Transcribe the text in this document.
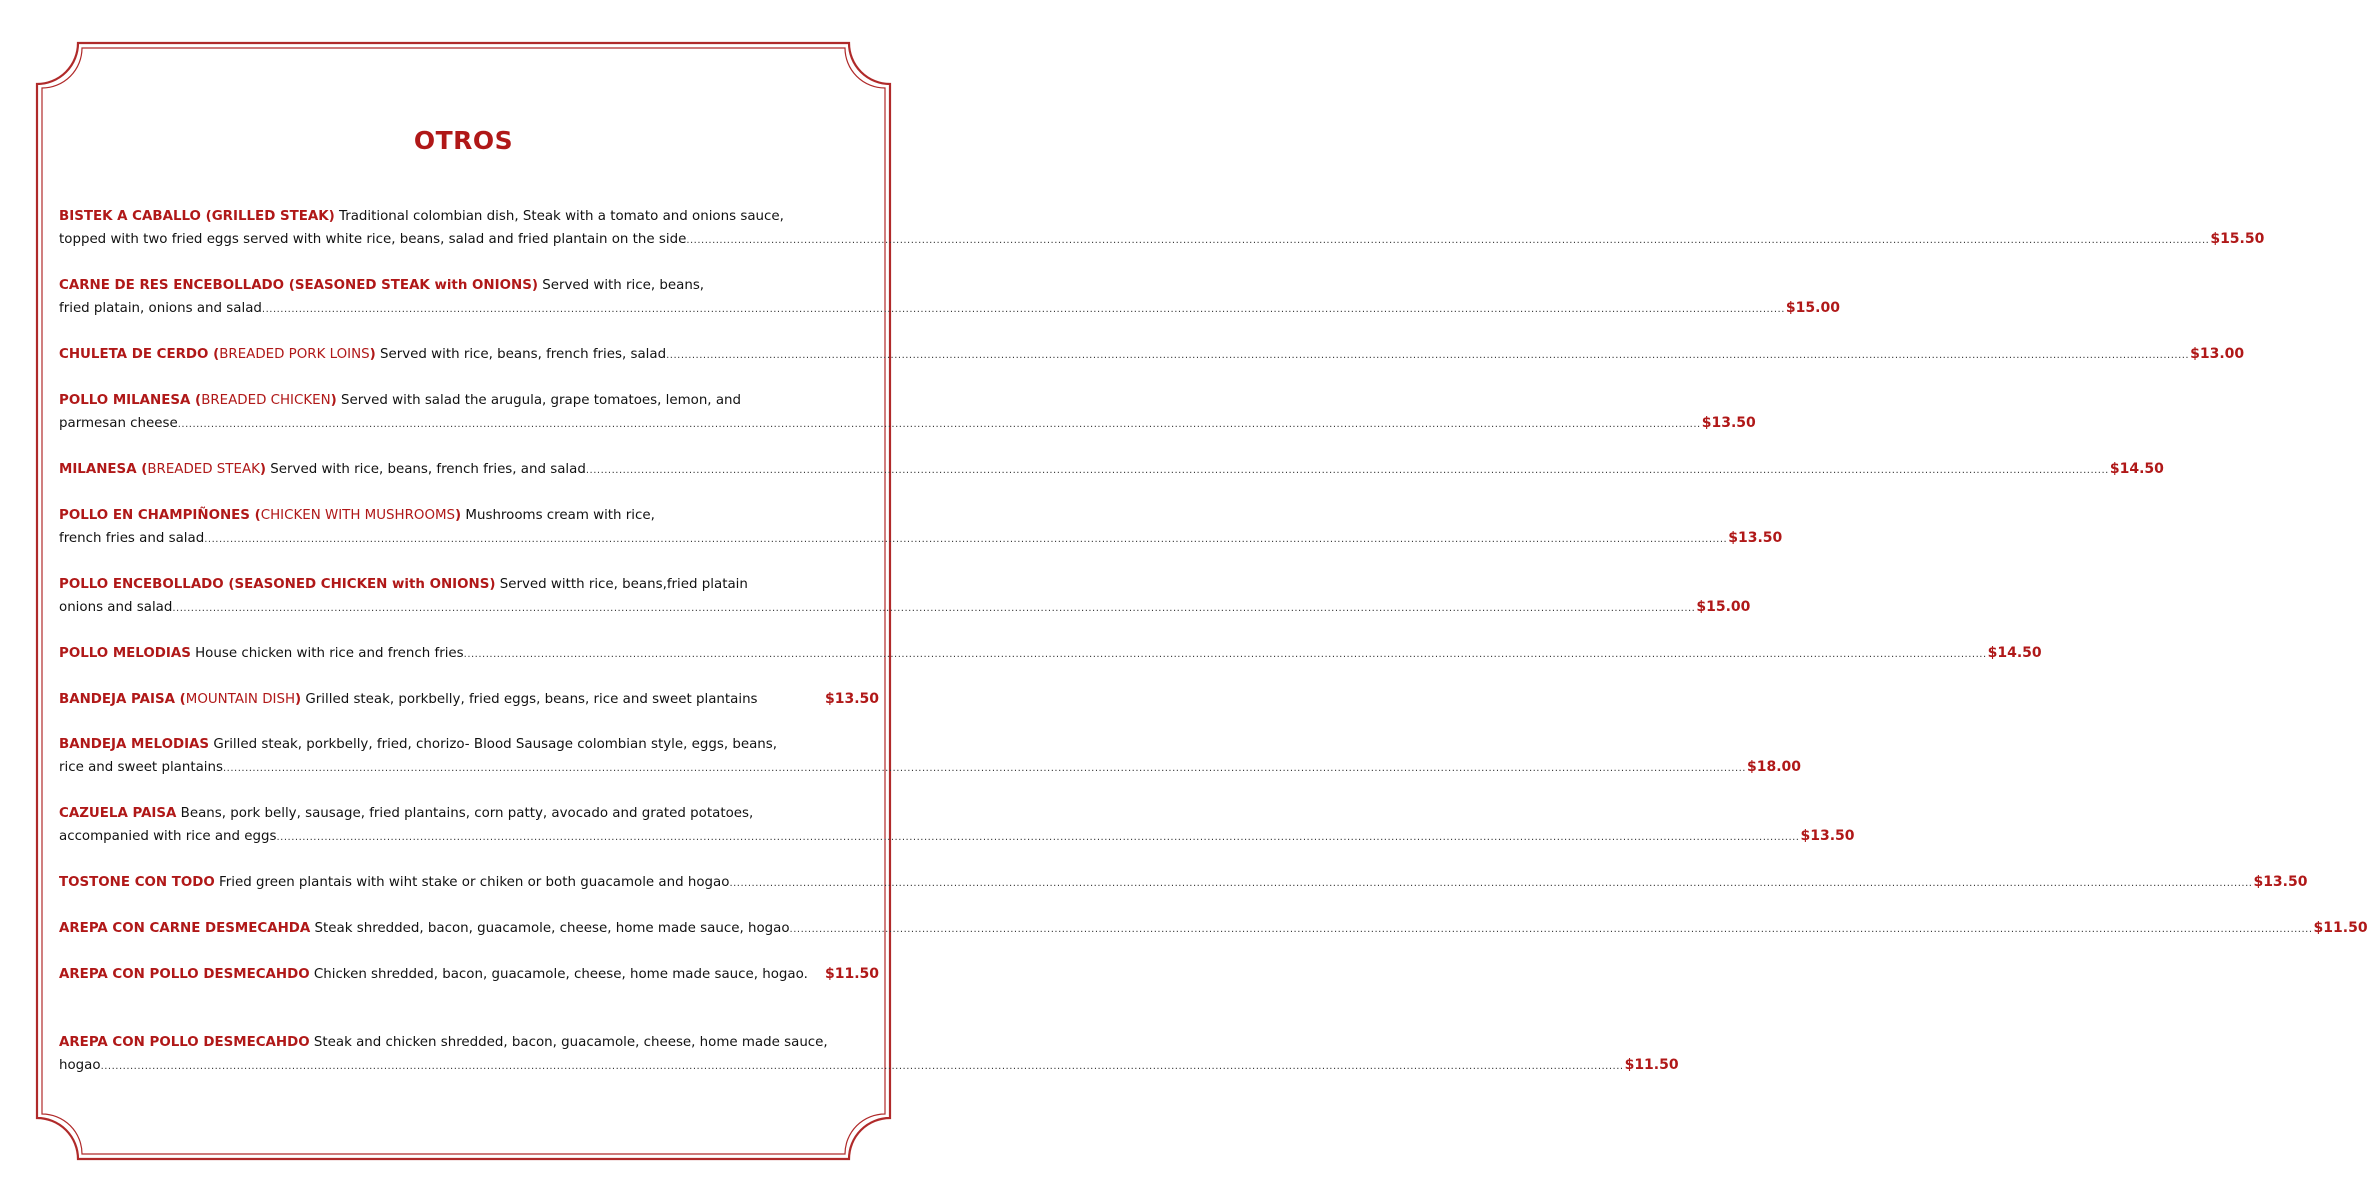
OTROS
BISTEK A CABALLO (GRILLED STEAK) Traditional colombian dish, Steak with a tomato and onions sauce,
topped with two fried eggs served with white rice, beans, salad and fried plantain on the side .............................................................................................................................................................................................................................................................................................................................................................................................................................. $15.50
CARNE DE RES ENCEBOLLADO (SEASONED STEAK with ONIONS) Served with rice, beans,
fried platain, onions and salad .............................................................................................................................................................................................................................................................................................................................................................................................................................. $15.00
CHULETA DE CERDO (BREADED PORK LOINS) Served with rice, beans, french fries, salad .............................................................................................................................................................................................................................................................................................................................................................................................................................. $13.00
POLLO MILANESA (BREADED CHICKEN) Served with salad the arugula, grape tomatoes, lemon, and
parmesan cheese .............................................................................................................................................................................................................................................................................................................................................................................................................................. $13.50
MILANESA (BREADED STEAK) Served with rice, beans, french fries, and salad .............................................................................................................................................................................................................................................................................................................................................................................................................................. $14.50
POLLO EN CHAMPIÑONES (CHICKEN WITH MUSHROOMS) Mushrooms cream with rice,
french fries and salad .............................................................................................................................................................................................................................................................................................................................................................................................................................. $13.50
POLLO ENCEBOLLADO (SEASONED CHICKEN with ONIONS) Served witth rice, beans,fried platain
onions and salad .............................................................................................................................................................................................................................................................................................................................................................................................................................. $15.00
POLLO MELODIAS House chicken with rice and french fries .............................................................................................................................................................................................................................................................................................................................................................................................................................. $14.50
BANDEJA PAISA (MOUNTAIN DISH) Grilled steak, porkbelly, fried eggs, beans, rice and sweet plantains	$13.50
BANDEJA MELODIAS Grilled steak, porkbelly, fried, chorizo- Blood Sausage colombian style, eggs, beans,
rice and sweet plantains .............................................................................................................................................................................................................................................................................................................................................................................................................................. $18.00
CAZUELA PAISA Beans, pork belly, sausage, fried plantains, corn patty, avocado and grated potatoes,
accompanied with rice and eggs .............................................................................................................................................................................................................................................................................................................................................................................................................................. $13.50
TOSTONE CON TODO Fried green plantais with wiht stake or chiken or both guacamole and hogao .............................................................................................................................................................................................................................................................................................................................................................................................................................. $13.50
AREPA CON CARNE DESMECAHDA Steak shredded, bacon, guacamole, cheese, home made sauce, hogao .............................................................................................................................................................................................................................................................................................................................................................................................................................. $11.50
AREPA CON POLLO DESMECAHDO Chicken shredded, bacon, guacamole, cheese, home made sauce, hogao. $11.50
AREPA CON POLLO DESMECAHDO Steak and chicken shredded, bacon, guacamole, cheese, home made sauce,
hogao .............................................................................................................................................................................................................................................................................................................................................................................................................................. $11.50
